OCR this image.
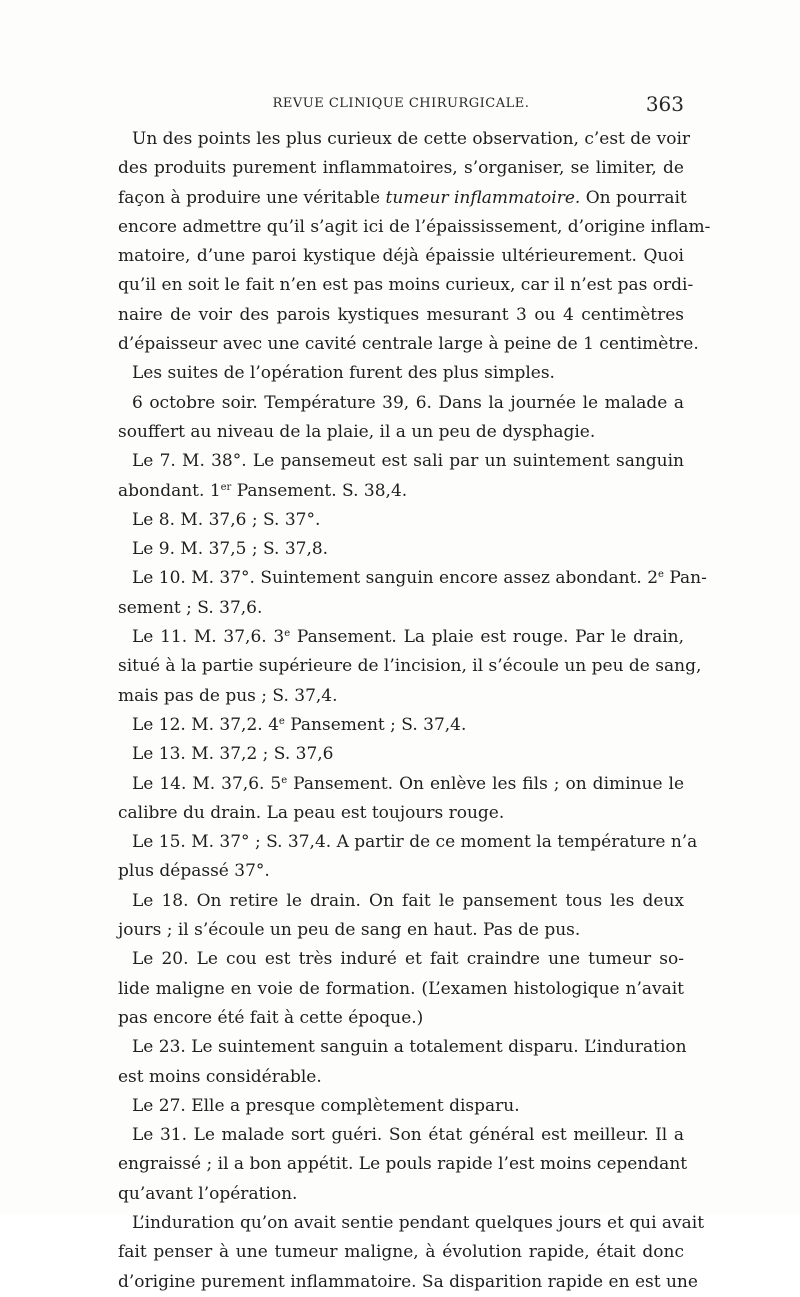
REVUE CLINIQUE CHIRURGICALE.	363
Un des points les plus curieux de cette observation, c’est de voir
des produits purement inflammatoires, s’organiser, se limiter, de
façon à produire une véritable tumeur inflammatoire. On pourrait
encore admettre qu’il s’agit ici de l’épaississement, d’origine inflam-
matoire, d’une paroi kystique déjà épaissie ultérieurement. Quoi
qu’il en soit le fait n’en est pas moins curieux, car il n’est pas ordi-
naire de voir des parois kystiques mesurant 3 ou 4 centimètres
d’épaisseur avec une cavité centrale large à peine de 1 centimètre.
Les suites de l’opération furent des plus simples.
6 octobre soir. Température 39, 6. Dans la journée le malade a
souffert au niveau de la plaie, il a un peu de dysphagie.
Le 7. M. 38°. Le pansemeut est sali par un suintement sanguin
abondant. 1er Pansement. S. 38,4.
Le 8. M. 37,6 ; S. 37°.
Le 9. M. 37,5 ; S. 37,8.
Le 10. M. 37°. Suintement sanguin encore assez abondant. 2e Pan-
sement ; S. 37,6.
Le 11. M. 37,6. 3e Pansement. La plaie est rouge. Par le drain,
situé à la partie supérieure de l’incision, il s’écoule un peu de sang,
mais pas de pus ; S. 37,4.
Le 12. M. 37,2. 4e Pansement ; S. 37,4.
Le 13. M. 37,2 ; S. 37,6
Le 14. M. 37,6. 5e Pansement. On enlève les fils ; on diminue le
calibre du drain. La peau est toujours rouge.
Le 15. M. 37° ; S. 37,4. A partir de ce moment la température n’a
plus dépassé 37°.
Le 18. On retire le drain. On fait le pansement tous les deux
jours ; il s’écoule un peu de sang en haut. Pas de pus.
Le 20. Le cou est très induré et fait craindre une tumeur so-
lide maligne en voie de formation. (L’examen histologique n’avait
pas encore été fait à cette époque.)
Le 23. Le suintement sanguin a totalement disparu. L’induration
est moins considérable.
Le 27. Elle a presque complètement disparu.
Le 31. Le malade sort guéri. Son état général est meilleur. Il a
engraissé ; il a bon appétit. Le pouls rapide l’est moins cependant
qu’avant l’opération.
L’induration qu’on avait sentie pendant quelques jours et qui avait
fait penser à une tumeur maligne, à évolution rapide, était donc
d’origine purement inflammatoire. Sa disparition rapide en est une
